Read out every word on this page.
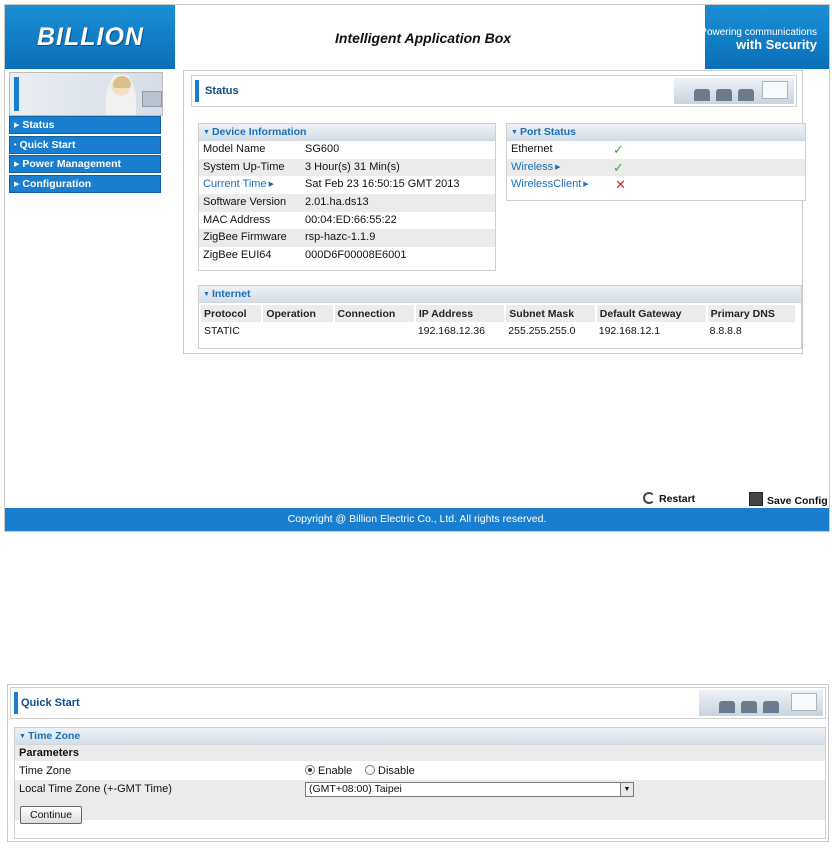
BILLION	Intelligent Application Box	Powering communications
with Security
▶ Status
• Quick Start
▶ Power Management
▶ Configuration
Status
▼ Device Information
Model Name	SG600
System Up-Time 3 Hour(s) 31 Min(s)
Current Time ▶	Sat Feb 23 16:50:15 GMT 2013
Software Version 2.01.ha.ds13
MAC Address	00:04:ED:66:55:22
ZigBee Firmware rsp-hazc-1.1.9
ZigBee EUI64	000D6F00008E6001
▼ Port Status
Ethernet	✓
Wireless ▶	✓
WirelessClient ▶ ✕
▼ Internet
Protocol	Operation	Connection	IP Address	Subnet Mask	Default Gateway	Primary DNS
STATIC			192.168.12.36	255.255.255.0	192.168.12.1	8.8.8.8
Restart	Save Config
Copyright @ Billion Electric Co., Ltd. All rights reserved.
Quick Start
▼ Time Zone
Parameters
Time Zone	Enable	Disable
Local Time Zone (+-GMT Time)	(GMT+08:00) Taipei	▼
Continue
